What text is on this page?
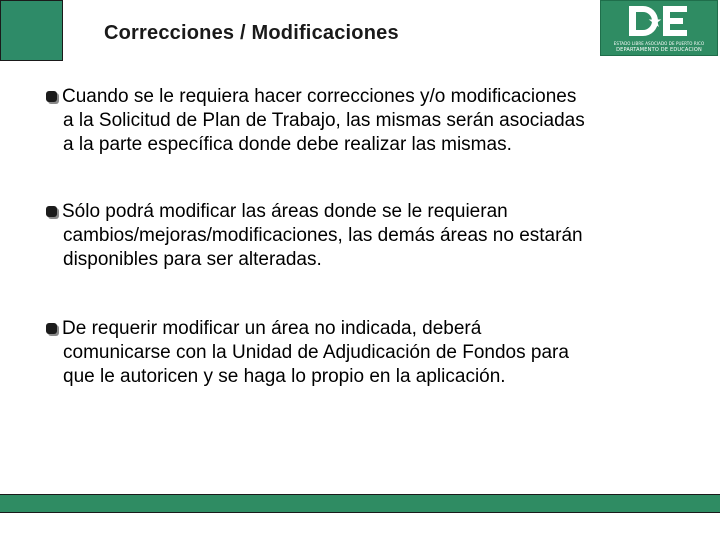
Correcciones / Modificaciones	ESTADO LIBRE ASOCIADO DE PUERTO RICO
DEPARTAMENTO DE EDUCACIÓN
Cuando se le requiera hacer correcciones y/o modificaciones
a la Solicitud de Plan de Trabajo, las mismas serán asociadas
a la parte específica donde debe realizar las mismas.
Sólo podrá modificar las áreas donde se le requieran
cambios/mejoras/modificaciones, las demás áreas no estarán
disponibles para ser alteradas.
De requerir modificar un área no indicada, deberá
comunicarse con la Unidad de Adjudicación de Fondos para
que le autoricen y se haga lo propio en la aplicación.
